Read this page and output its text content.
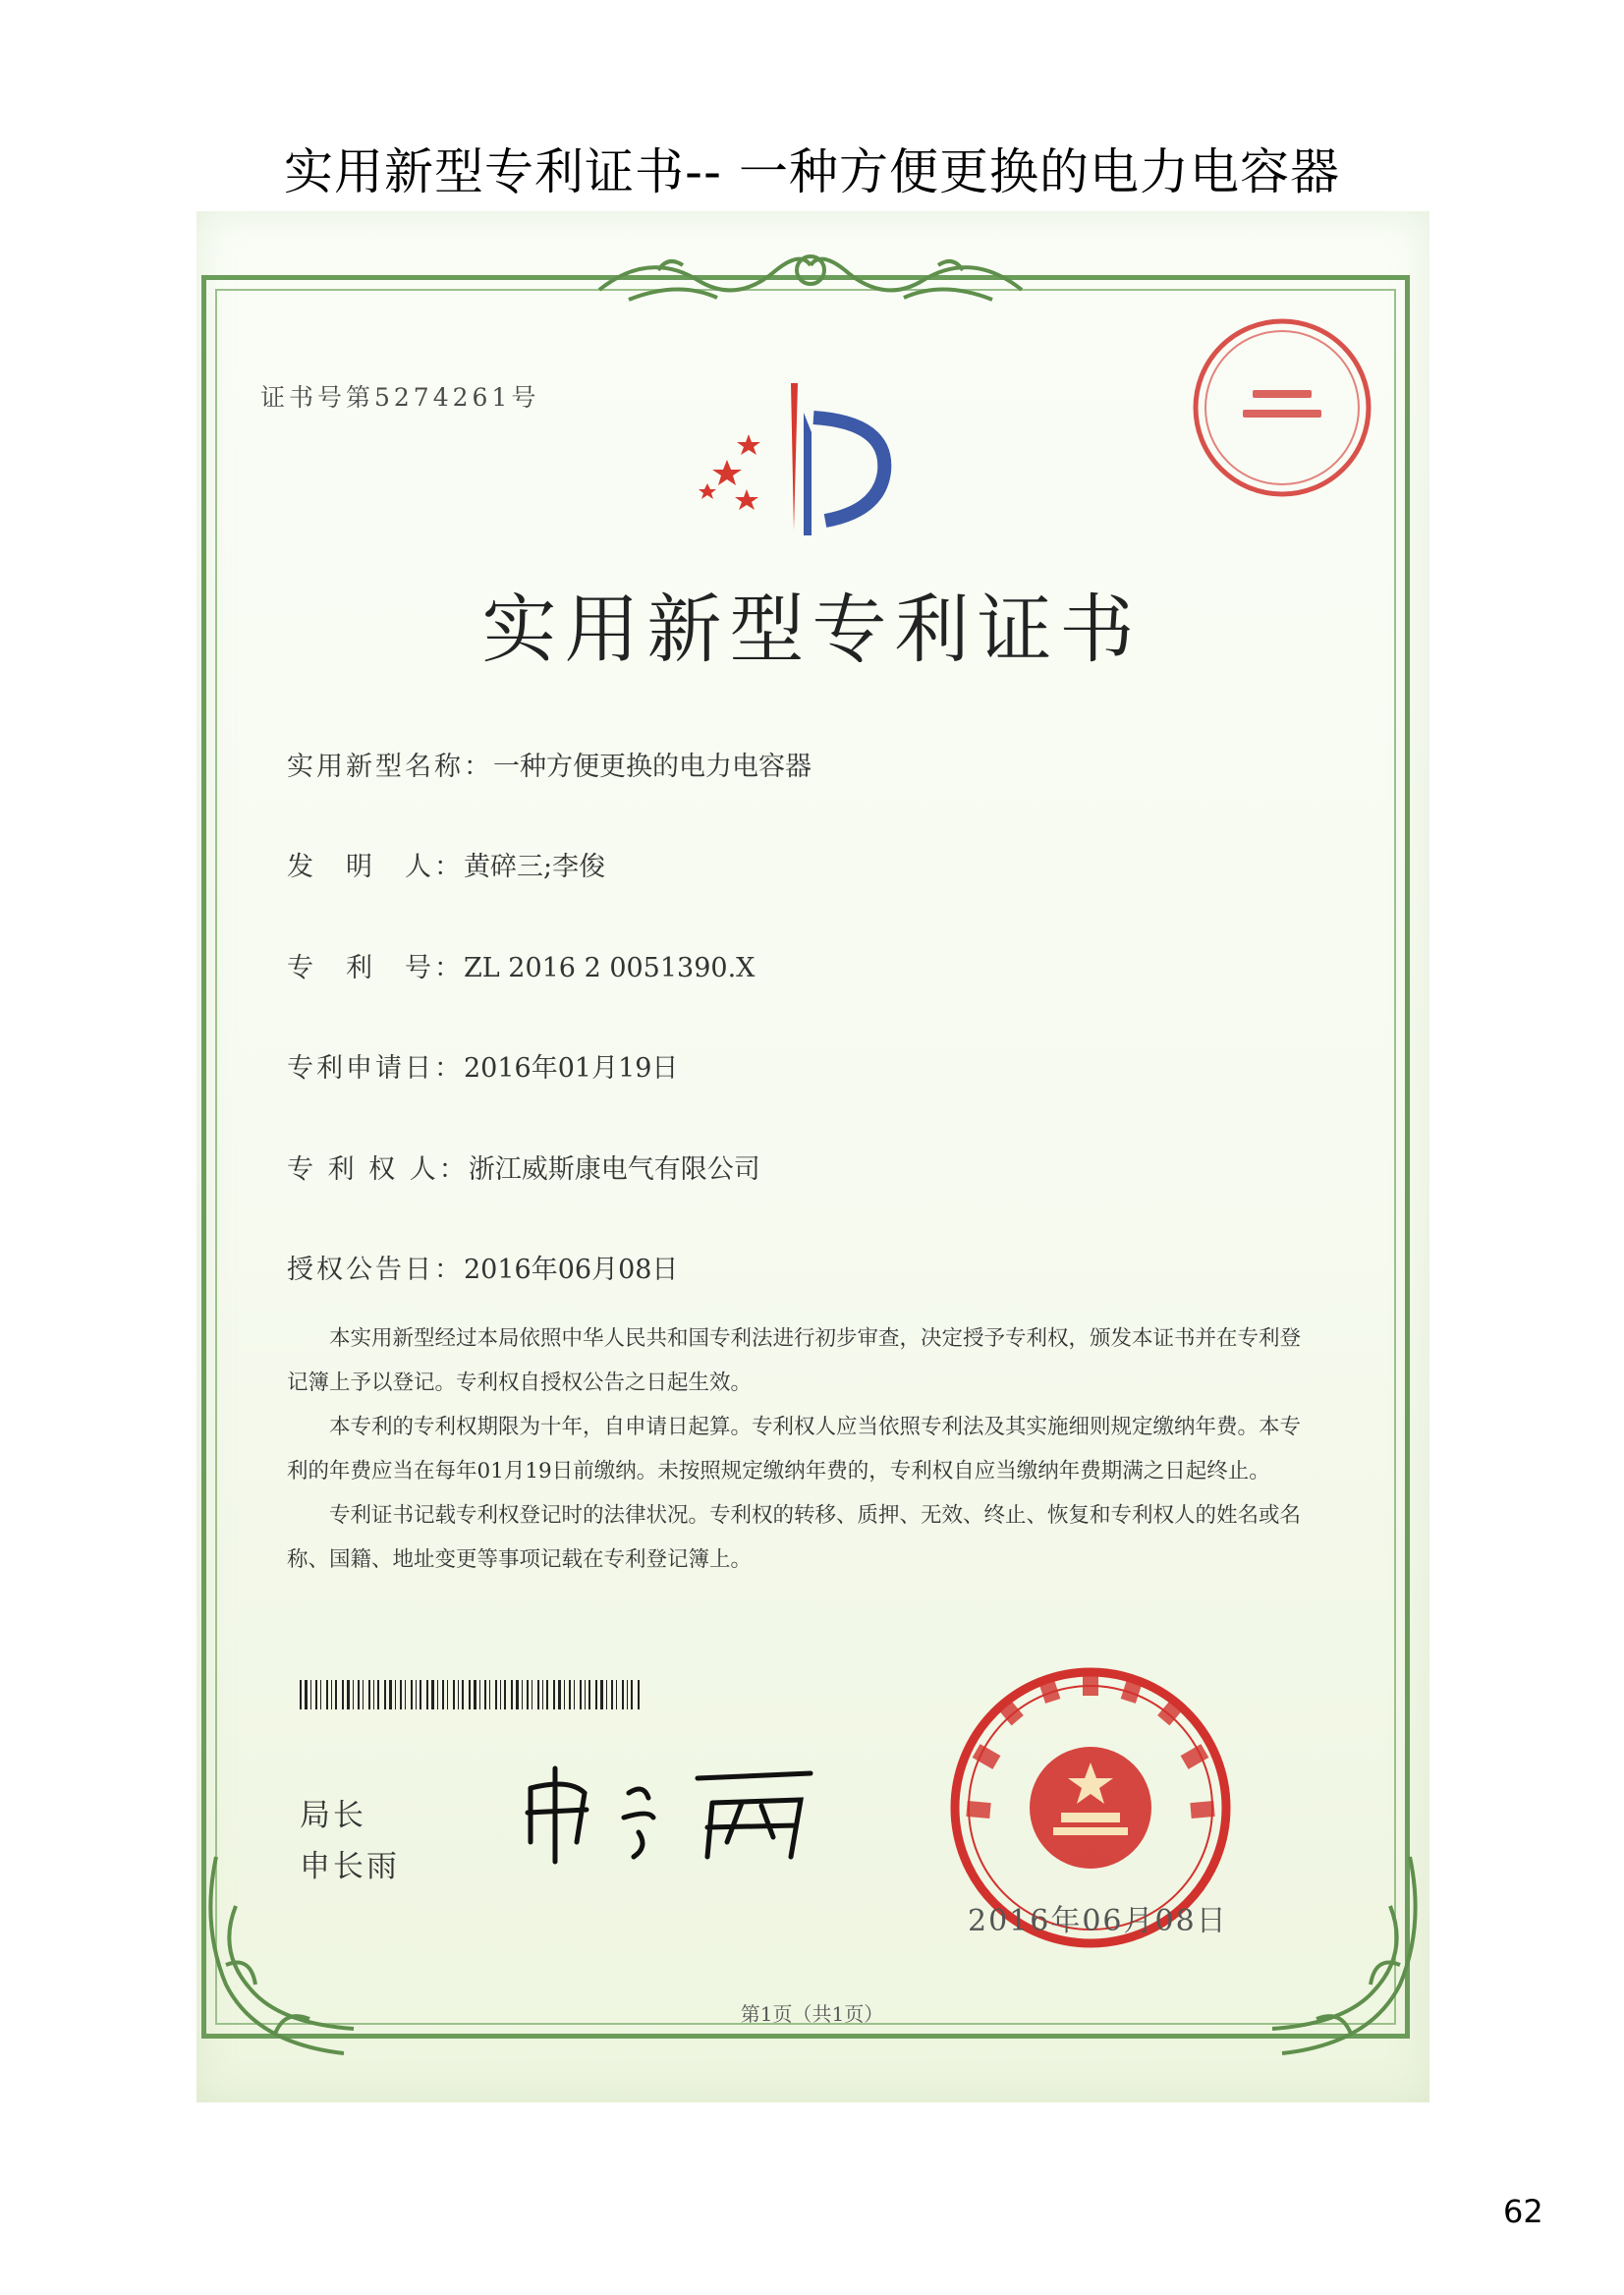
实用新型专利证书-- 一种方便更换的电力电容器
证书号第5274261号
实用新型专利证书
实用新型名称：一种方便更换的电力电容器
发　明　人：黄碎三;李俊
专　利　号：ZL 2016 2 0051390.X
专利申请日：2016年01月19日
专 利 权 人：浙江威斯康电气有限公司
授权公告日：2016年06月08日

本实用新型经过本局依照中华人民共和国专利法进行初步审查，决定授予专利权，颁发本证书并在专利登记簿上予以登记。专利权自授权公告之日起生效。

本专利的专利权期限为十年，自申请日起算。专利权人应当依照专利法及其实施细则规定缴纳年费。本专利的年费应当在每年01月19日前缴纳。未按照规定缴纳年费的，专利权自应当缴纳年费期满之日起终止。

专利证书记载专利权登记时的法律状况。专利权的转移、质押、无效、终止、恢复和专利权人的姓名或名称、国籍、地址变更等事项记载在专利登记簿上。

局长
申长雨
2016年06月08日
第1页（共1页）
62
